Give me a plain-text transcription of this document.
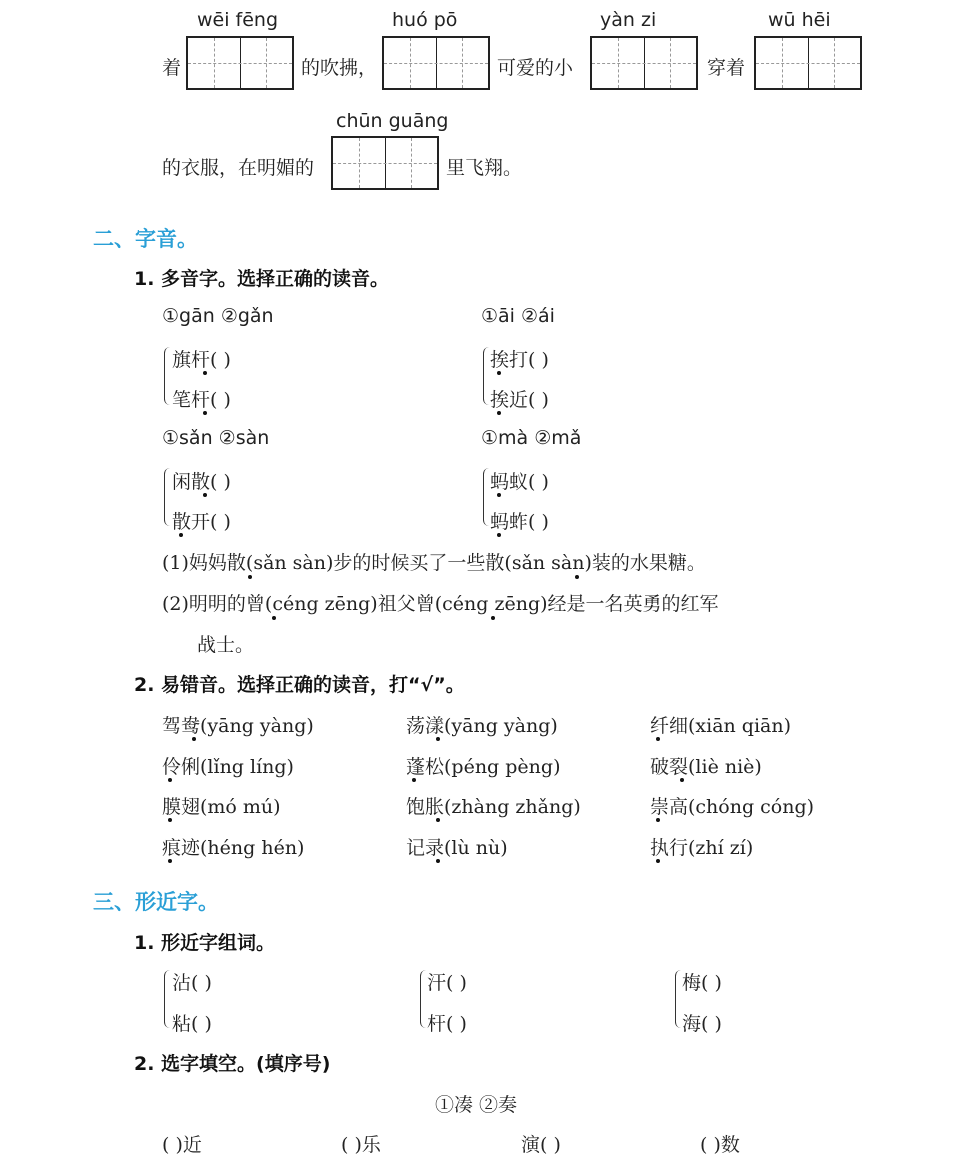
wēi fēng	huó pō	yàn zi	wū hēi
着	的吹拂，	可爱的小	穿着
chūn guāng
的衣服，在明媚的	里飞翔。
二、字音。
1. 多音字。选择正确的读音。
①gān ②gǎn
旗杆( )
笔杆( )
①āi ②ái
挨打( )
挨近( )
①sǎn ②sàn
闲散( )
散开( )
①mà ②mǎ
蚂蚁( )
蚂蚱( )
(1)妈妈散(sǎn sàn)步的时候买了一些散(sǎn sàn)装的水果糖。
(2)明明的曾(céng zēng)祖父曾(céng zēng)经是一名英勇的红军
战士。
2. 易错音。选择正确的读音，打“√”。
驾鸯(yāng yàng)	荡漾(yāng yàng)	纤细(xiān qiān)
伶俐(lǐng líng)	蓬松(péng pèng)	破裂(liè niè)
膜翅(mó mú)	饱胀(zhàng zhǎng)	崇高(chóng cóng)
痕迹(héng hén)	记录(lù nù)	执行(zhí zí)
三、形近字。
1. 形近字组词。
沾( )
粘( )
汗( )
杆( )
梅( )
海( )
2. 选字填空。(填序号)
①凑 ②奏
( )近	( )乐	演( )	( )数
